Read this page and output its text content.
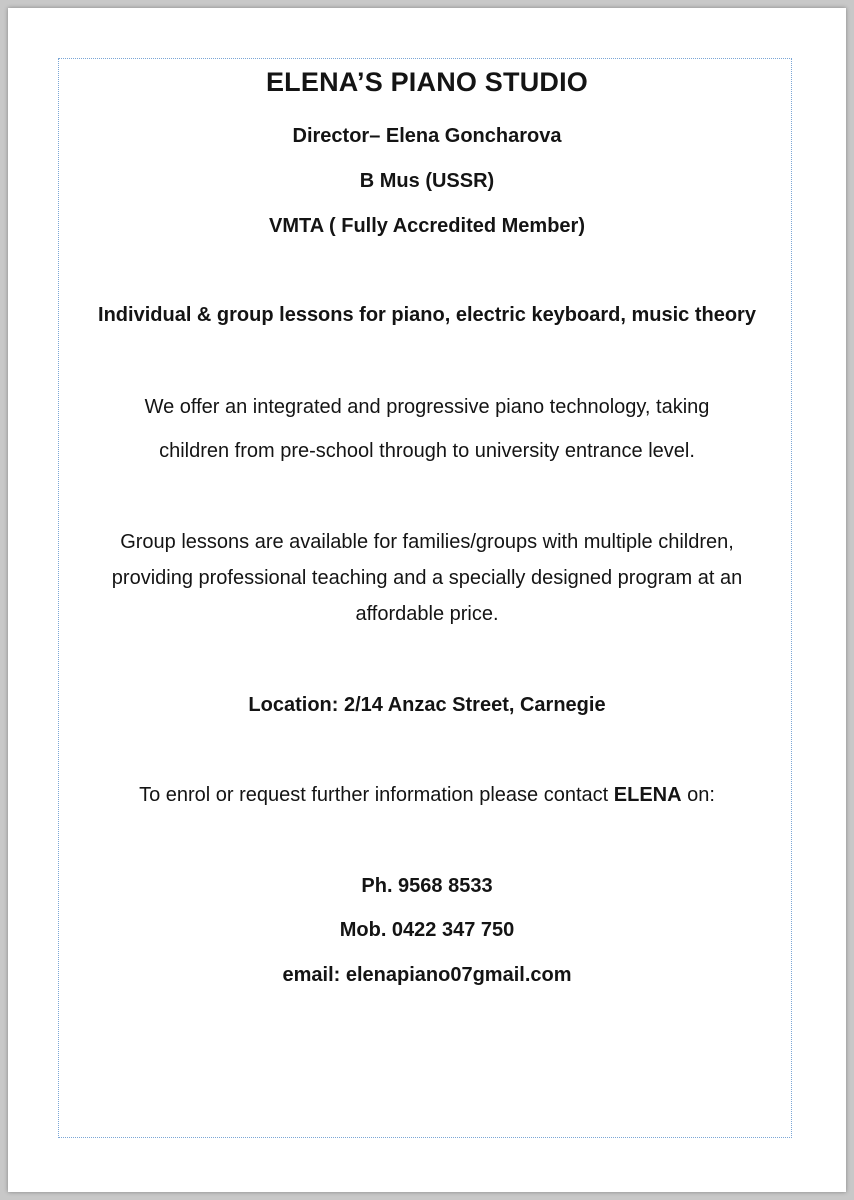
ELENA’S PIANO STUDIO
Director– Elena Goncharova
B Mus (USSR)
VMTA ( Fully Accredited Member)
Individual & group lessons for piano, electric keyboard, music theory
We offer an integrated and progressive piano technology, taking
children from pre-school through to university entrance level.
Group lessons are available for families/groups with multiple children,
providing professional teaching and a specially designed program at an
affordable price.
Location: 2/14 Anzac Street, Carnegie
To enrol or request further information please contact ELENA on:
Ph. 9568 8533
Mob. 0422 347 750
email: elenapiano07gmail.com
